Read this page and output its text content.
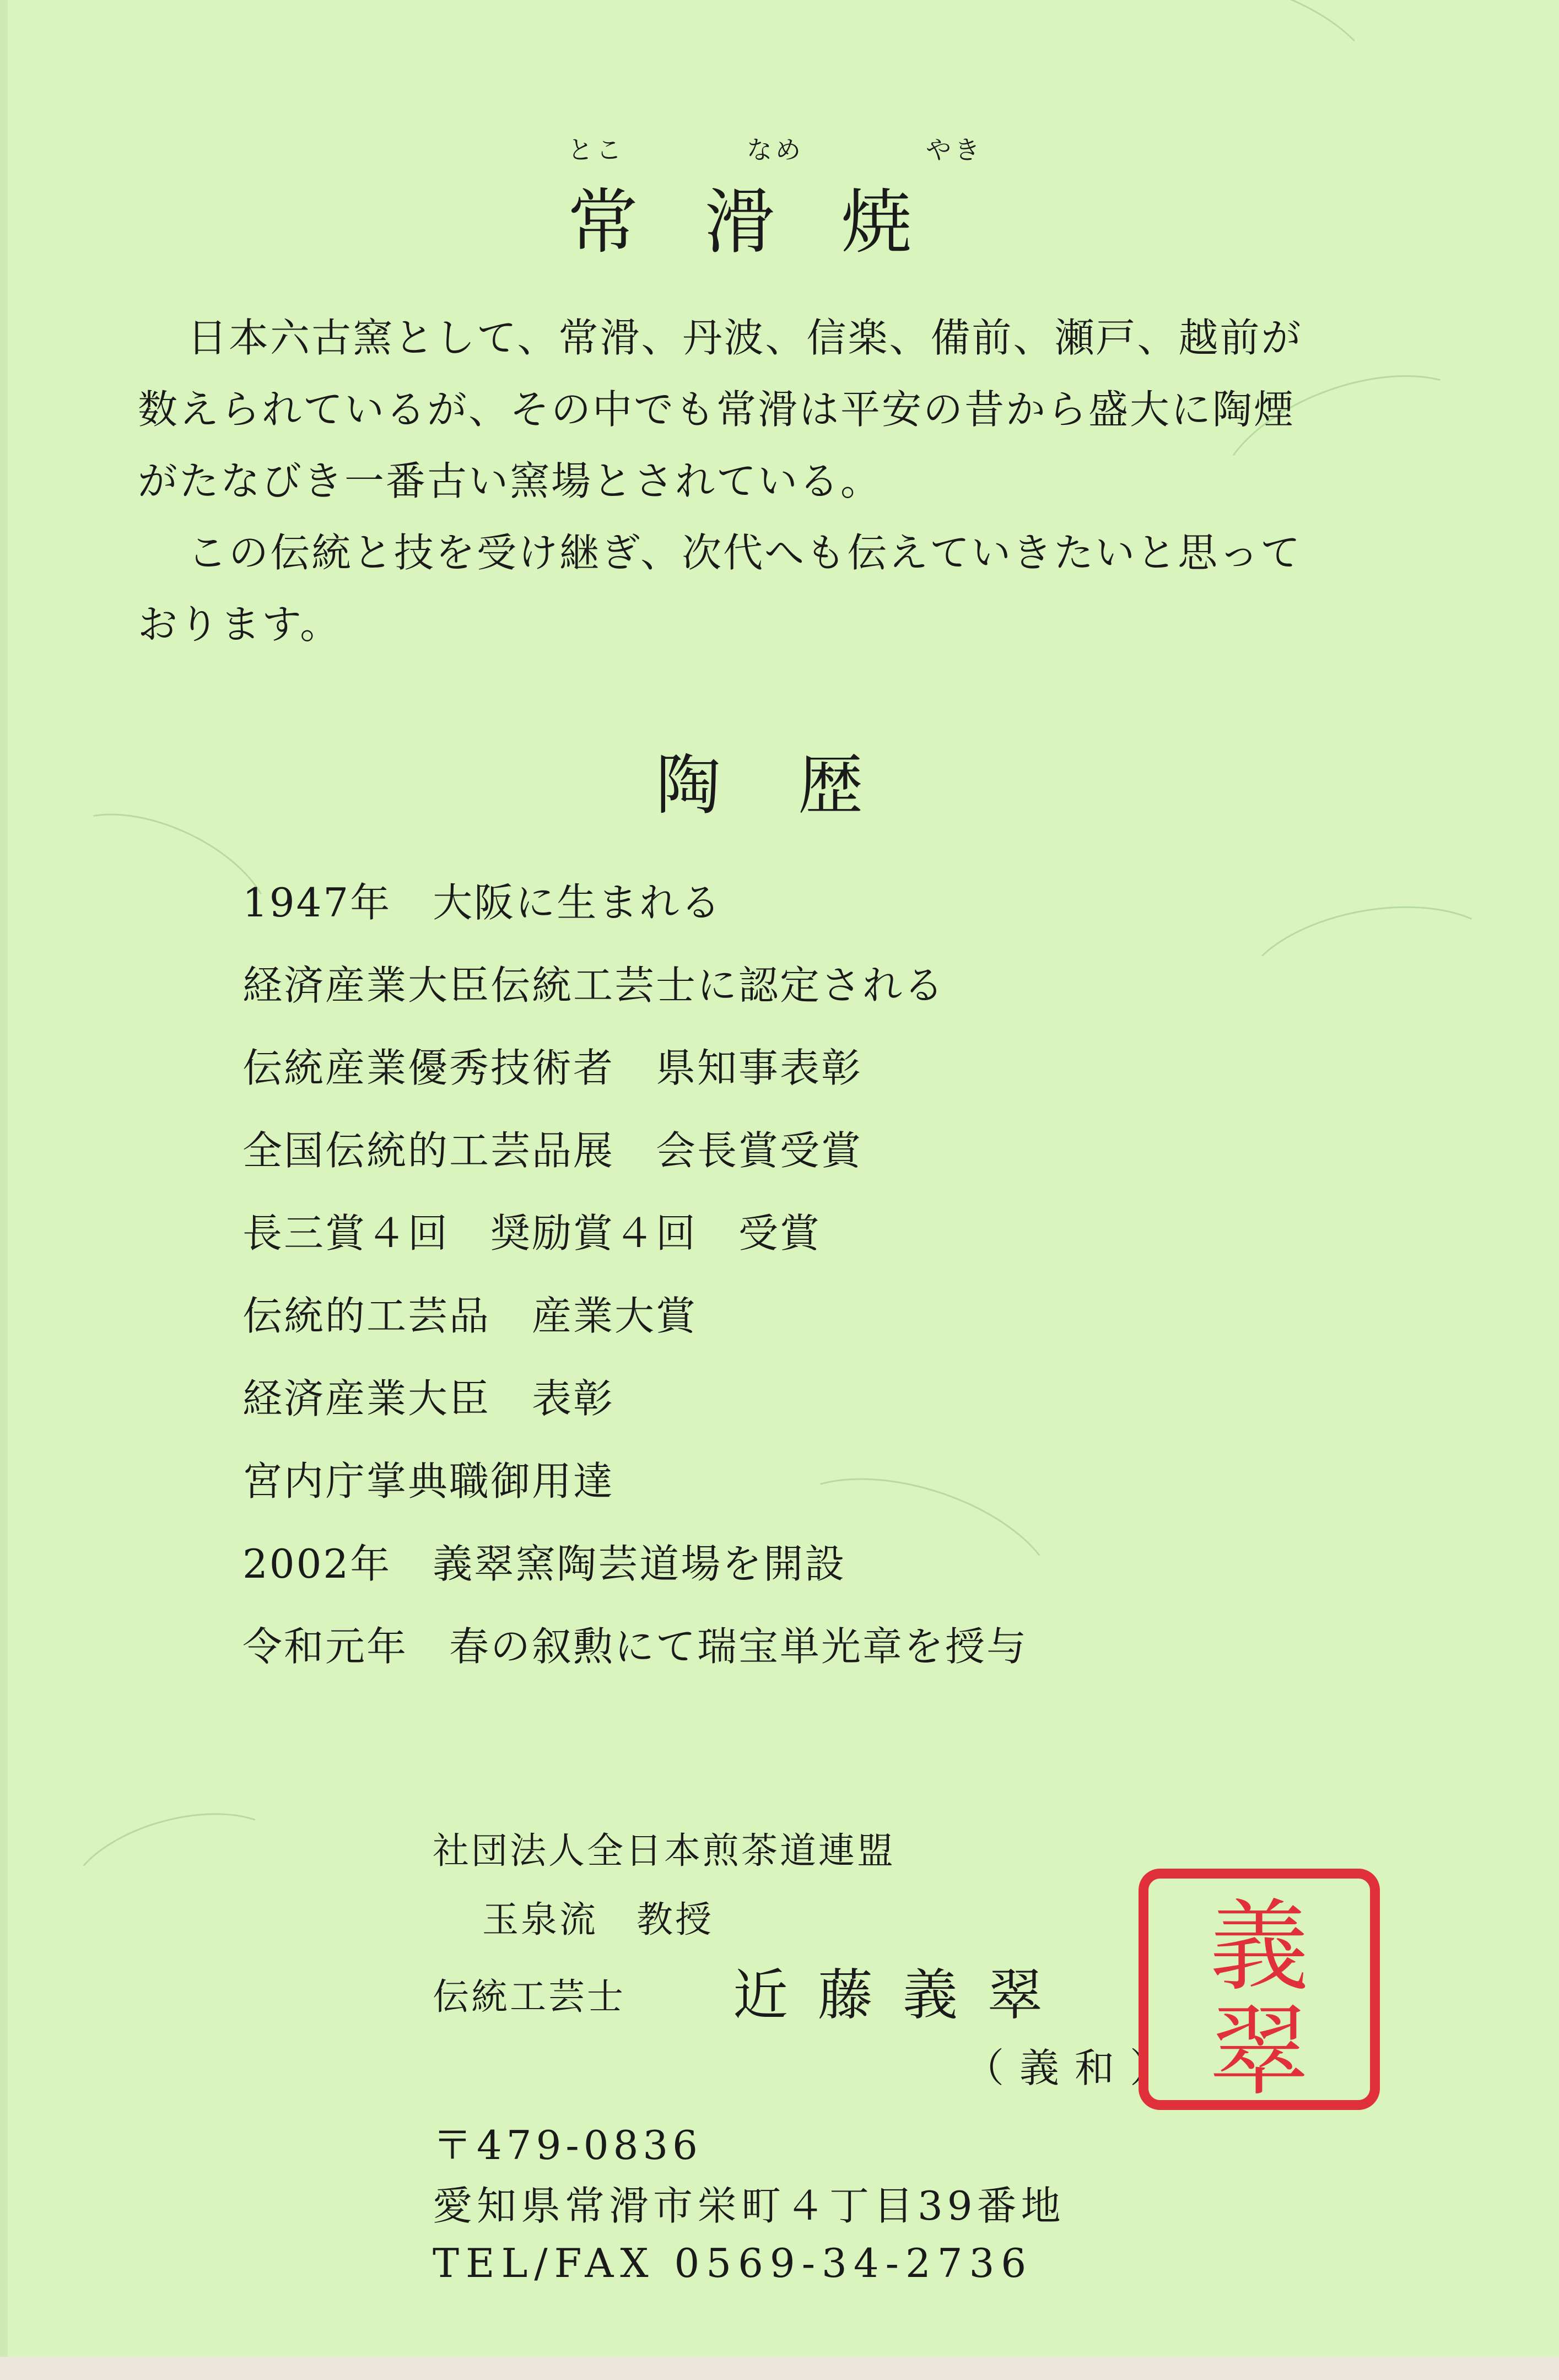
とこ	なめ	やき
常滑焼
日本六古窯として、常滑、丹波、信楽、備前、瀬戸、越前が
数えられているが、その中でも常滑は平安の昔から盛大に陶煙
がたなびき一番古い窯場とされている。
この伝統と技を受け継ぎ、次代へも伝えていきたいと思って
おります。
陶歴
1947年　大阪に生まれる
経済産業大臣伝統工芸士に認定される
伝統産業優秀技術者　県知事表彰
全国伝統的工芸品展　会長賞受賞
長三賞４回　奨励賞４回　受賞
伝統的工芸品　産業大賞
経済産業大臣　表彰
宮内庁掌典職御用達
2002年　義翠窯陶芸道場を開設
令和元年　春の叙勲にて瑞宝単光章を授与
社団法人全日本煎茶道連盟
玉泉流　教授
伝統工芸士 近藤義翠
（義和）
義
翠
〒479-0836
愛知県常滑市栄町４丁目39番地
TEL/FAX 0569-34-2736
